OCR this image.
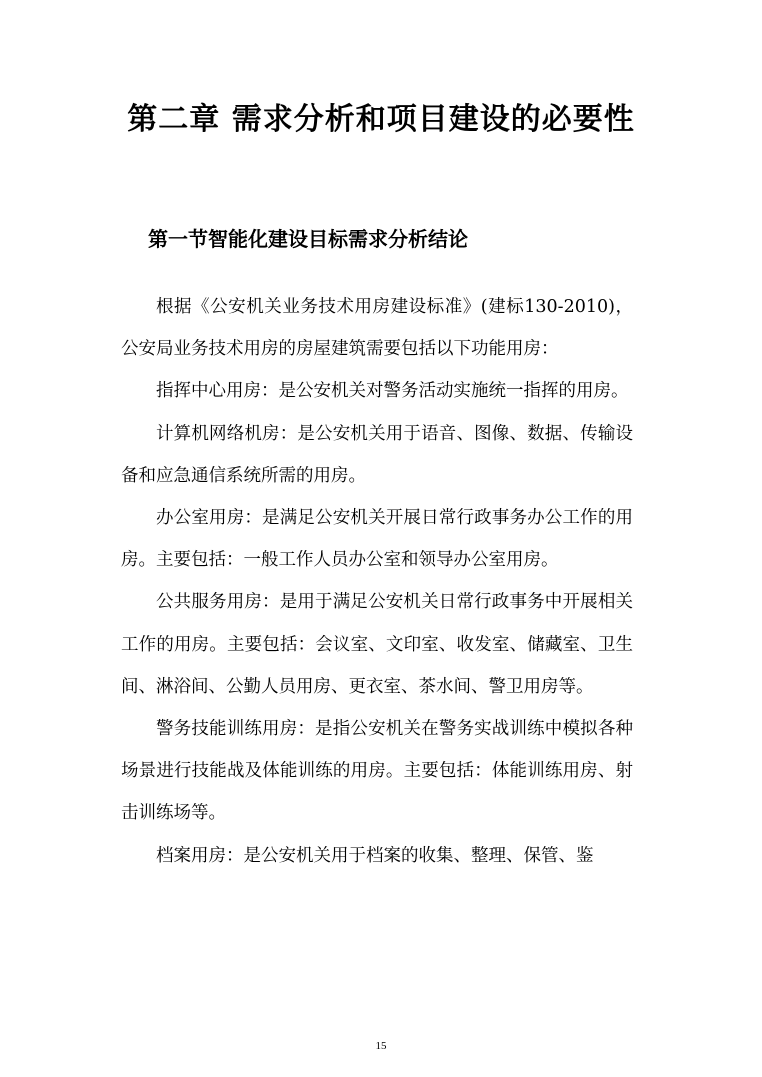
第二章 需求分析和项目建设的必要性
第一节智能化建设目标需求分析结论

根据《公安机关业务技术用房建设标准》(建标130-2010)，公安局业务技术用房的房屋建筑需要包括以下功能用房：

指挥中心用房：是公安机关对警务活动实施统一指挥的用房。

计算机网络机房：是公安机关用于语音、图像、数据、传输设备和应急通信系统所需的用房。

办公室用房：是满足公安机关开展日常行政事务办公工作的用房。主要包括：一般工作人员办公室和领导办公室用房。

公共服务用房：是用于满足公安机关日常行政事务中开展相关工作的用房。主要包括：会议室、文印室、收发室、储藏室、卫生间、淋浴间、公勤人员用房、更衣室、茶水间、警卫用房等。

警务技能训练用房：是指公安机关在警务实战训练中模拟各种场景进行技能战及体能训练的用房。主要包括：体能训练用房、射击训练场等。

档案用房：是公安机关用于档案的收集、整理、保管、鉴

15
